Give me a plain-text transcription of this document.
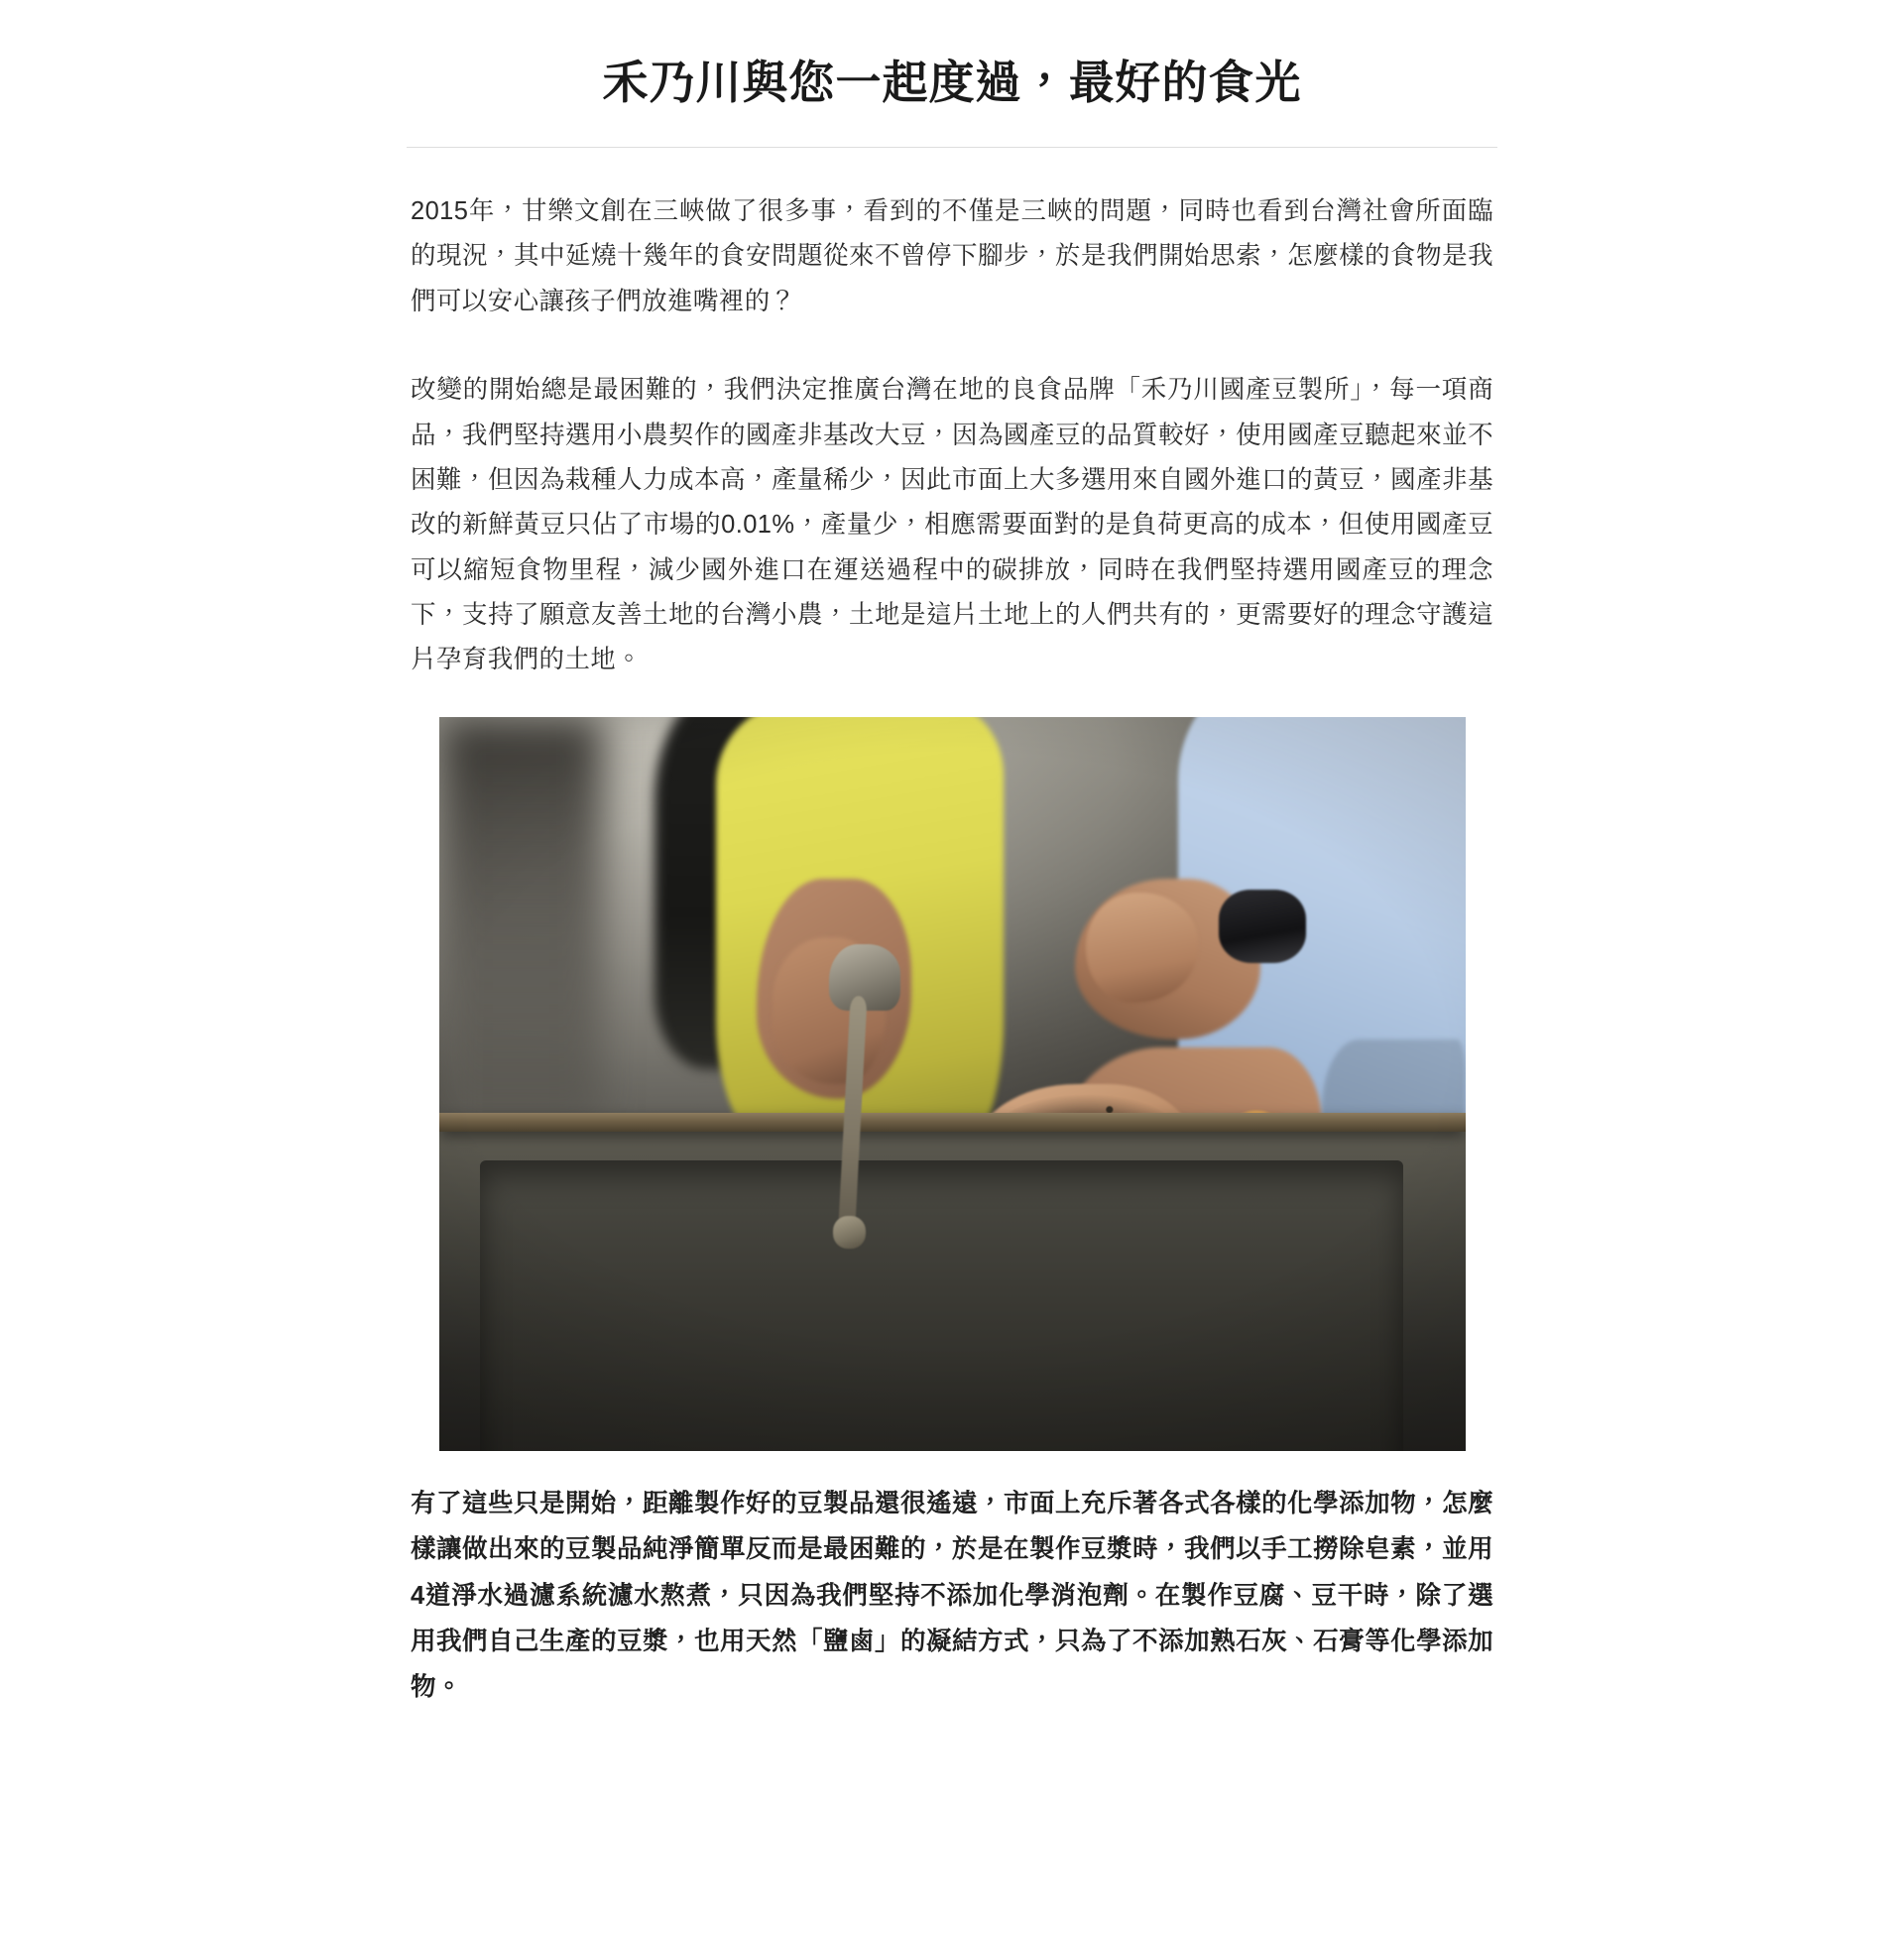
禾乃川與您一起度過，最好的食光

2015年，甘樂文創在三峽做了很多事，看到的不僅是三峽的問題，同時也看到台灣社會所面臨的現況，其中延燒十幾年的食安問題從來不曾停下腳步，於是我們開始思索，怎麼樣的食物是我們可以安心讓孩子們放進嘴裡的？

改變的開始總是最困難的，我們決定推廣台灣在地的良食品牌「禾乃川國產豆製所」，每一項商品，我們堅持選用小農契作的國產非基改大豆，因為國產豆的品質較好，使用國產豆聽起來並不困難，但因為栽種人力成本高，產量稀少，因此市面上大多選用來自國外進口的黃豆，國產非基改的新鮮黃豆只佔了市場的0.01%，產量少，相應需要面對的是負荷更高的成本，但使用國產豆可以縮短食物里程，減少國外進口在運送過程中的碳排放，同時在我們堅持選用國產豆的理念下，支持了願意友善土地的台灣小農，土地是這片土地上的人們共有的，更需要好的理念守護這片孕育我們的土地。

有了這些只是開始，距離製作好的豆製品還很遙遠，市面上充斥著各式各樣的化學添加物，怎麼樣讓做出來的豆製品純淨簡單反而是最困難的，於是在製作豆漿時，我們以手工撈除皂素，並用4道淨水過濾系統濾水熬煮，只因為我們堅持不添加化學消泡劑。在製作豆腐、豆干時，除了選用我們自己生產的豆漿，也用天然「鹽鹵」的凝結方式，只為了不添加熟石灰、石膏等化學添加物。
